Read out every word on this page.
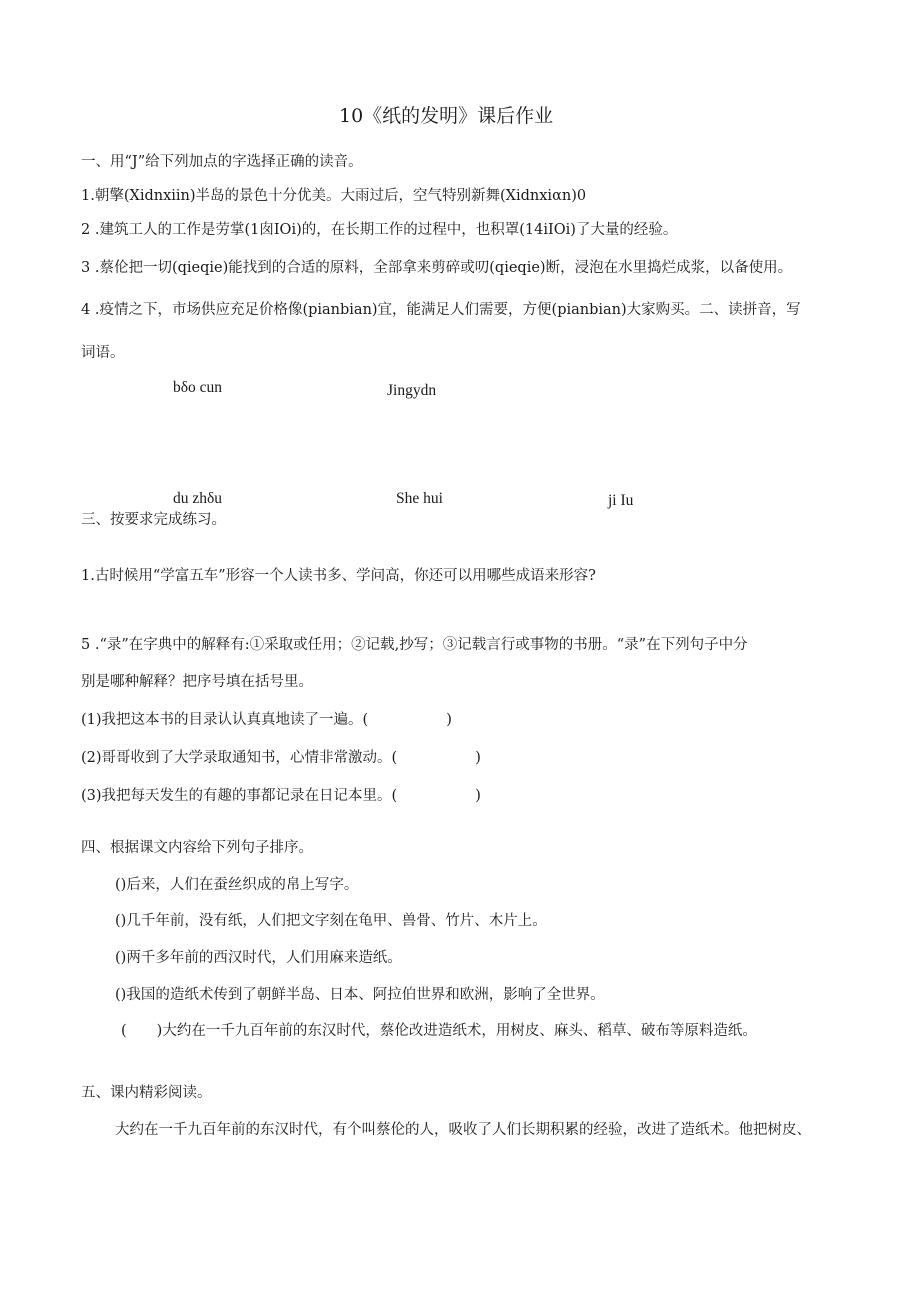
10《纸的发明》课后作业
一、用“J”给下列加点的字选择正确的读音。
1.朝擎(Xidnxiin)半岛的景色十分优美。大雨过后，空气特别新舞(Xidnxiαn)0
2 .建筑工人的工作是劳掌(1囱IOi)的，在长期工作的过程中，也积罩(14iIOi)了大量的经验。
3 .蔡伦把一切(qieqie)能找到的合适的原料，全部拿来剪碎或叨(qieqie)断，浸泡在水里捣烂成浆，以备使用。
4 .疫情之下，市场供应充足价格像(pianbian)宜，能满足人们需要，方便(pianbian)大家购买。二、读拼音，写
词语。
bδo cun	Jingydn
du zhδu	She hui	ji Iu
三、按要求完成练习。
1.古时候用“学富五车”形容一个人读书多、学问高，你还可以用哪些成语来形容?
5 .“录”在字典中的解释有:①采取或任用；②记载,抄写；③记载言行或事物的书册。“录”在下列句子中分
别是哪种解释？把序号填在括号里。
(1)我把这本书的目录认认真真地读了一遍。(	)
(2)哥哥收到了大学录取通知书，心情非常激动。(	)
(3)我把每天发生的有趣的事都记录在日记本里。(	)
四、根据课文内容给下列句子排序。
()后来，人们在蚕丝织成的帛上写字。
()几千年前，没有纸，人们把文字刻在龟甲、兽骨、竹片、木片上。
()两千多年前的西汉时代，人们用麻来造纸。
()我国的造纸术传到了朝鲜半岛、日本、阿拉伯世界和欧洲，影响了全世界。
( )大约在一千九百年前的东汉时代，蔡伦改进造纸术，用树皮、麻头、稻草、破布等原料造纸。
五、课内精彩阅读。
大约在一千九百年前的东汉时代，有个叫蔡伦的人，吸收了人们长期积累的经验，改进了造纸术。他把树皮、
